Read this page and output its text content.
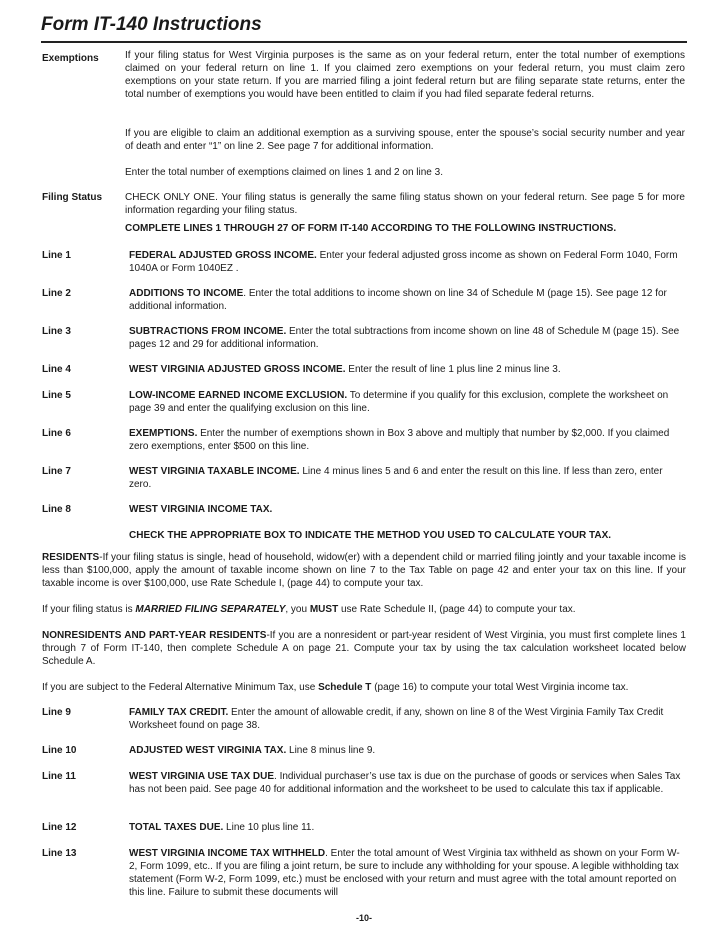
Form IT-140 Instructions
Exemptions	If your filing status for West Virginia purposes is the same as on your federal return, enter the total number of exemptions claimed on your federal return on line 1. If you claimed zero exemptions on your federal return, you must claim zero exemptions on your state return. If you are married filing a joint federal return but are filing separate state returns, enter the total number of exemptions you would have been entitled to claim if you had filed separate federal returns.
If you are eligible to claim an additional exemption as a surviving spouse, enter the spouse’s social security number and year of death and enter “1” on line 2. See page 7 for additional information.
Enter the total number of exemptions claimed on lines 1 and 2 on line 3.
Filing Status CHECK ONLY ONE. Your filing status is generally the same filing status shown on your federal return. See page 5 for more information regarding your filing status.
COMPLETE LINES 1 THROUGH 27 OF FORM IT-140 ACCORDING TO THE FOLLOWING INSTRUCTIONS.
Line 1	FEDERAL ADJUSTED GROSS INCOME. Enter your federal adjusted gross income as shown on Federal Form 1040, Form 1040A or Form 1040EZ .
Line 2	ADDITIONS TO INCOME. Enter the total additions to income shown on line 34 of Schedule M (page 15). See page 12 for additional information.
Line 3	SUBTRACTIONS FROM INCOME. Enter the total subtractions from income shown on line 48 of Schedule M (page 15). See pages 12 and 29 for additional information.
Line 4	WEST VIRGINIA ADJUSTED GROSS INCOME. Enter the result of line 1 plus line 2 minus line 3.
Line 5	LOW-INCOME EARNED INCOME EXCLUSION. To determine if you qualify for this exclusion, complete the worksheet on page 39 and enter the qualifying exclusion on this line.
Line 6	EXEMPTIONS. Enter the number of exemptions shown in Box 3 above and multiply that number by $2,000. If you claimed zero exemptions, enter $500 on this line.
Line 7	WEST VIRGINIA TAXABLE INCOME. Line 4 minus lines 5 and 6 and enter the result on this line. If less than zero, enter zero.
Line 8	WEST VIRGINIA INCOME TAX.
CHECK THE APPROPRIATE BOX TO INDICATE THE METHOD YOU USED TO CALCULATE YOUR TAX.
RESIDENTS-If your filing status is single, head of household, widow(er) with a dependent child or married filing jointly and your taxable income is less than $100,000, apply the amount of taxable income shown on line 7 to the Tax Table on page 42 and enter your tax on this line. If your taxable income is over $100,000, use Rate Schedule I, (page 44) to compute your tax.
If your filing status is MARRIED FILING SEPARATELY, you MUST use Rate Schedule II, (page 44) to compute your tax.
NONRESIDENTS AND PART-YEAR RESIDENTS-If you are a nonresident or part-year resident of West Virginia, you must first complete lines 1 through 7 of Form IT-140, then complete Schedule A on page 21. Compute your tax by using the tax calculation worksheet located below Schedule A.
If you are subject to the Federal Alternative Minimum Tax, use Schedule T (page 16) to compute your total West Virginia income tax.
Line 9	FAMILY TAX CREDIT. Enter the amount of allowable credit, if any, shown on line 8 of the West Virginia Family Tax Credit Worksheet found on page 38.
Line 10	ADJUSTED WEST VIRGINIA TAX. Line 8 minus line 9.
Line 11	WEST VIRGINIA USE TAX DUE. Individual purchaser’s use tax is due on the purchase of goods or services when Sales Tax has not been paid. See page 40 for additional information and the worksheet to be used to calculate this tax if applicable.
Line 12	TOTAL TAXES DUE. Line 10 plus line 11.
Line 13	WEST VIRGINIA INCOME TAX WITHHELD. Enter the total amount of West Virginia tax withheld as shown on your Form W-2, Form 1099, etc.. If you are filing a joint return, be sure to include any withholding for your spouse. A legible withholding tax statement (Form W-2, Form 1099, etc.) must be enclosed with your return and must agree with the total amount reported on this line. Failure to submit these documents will
-10-
